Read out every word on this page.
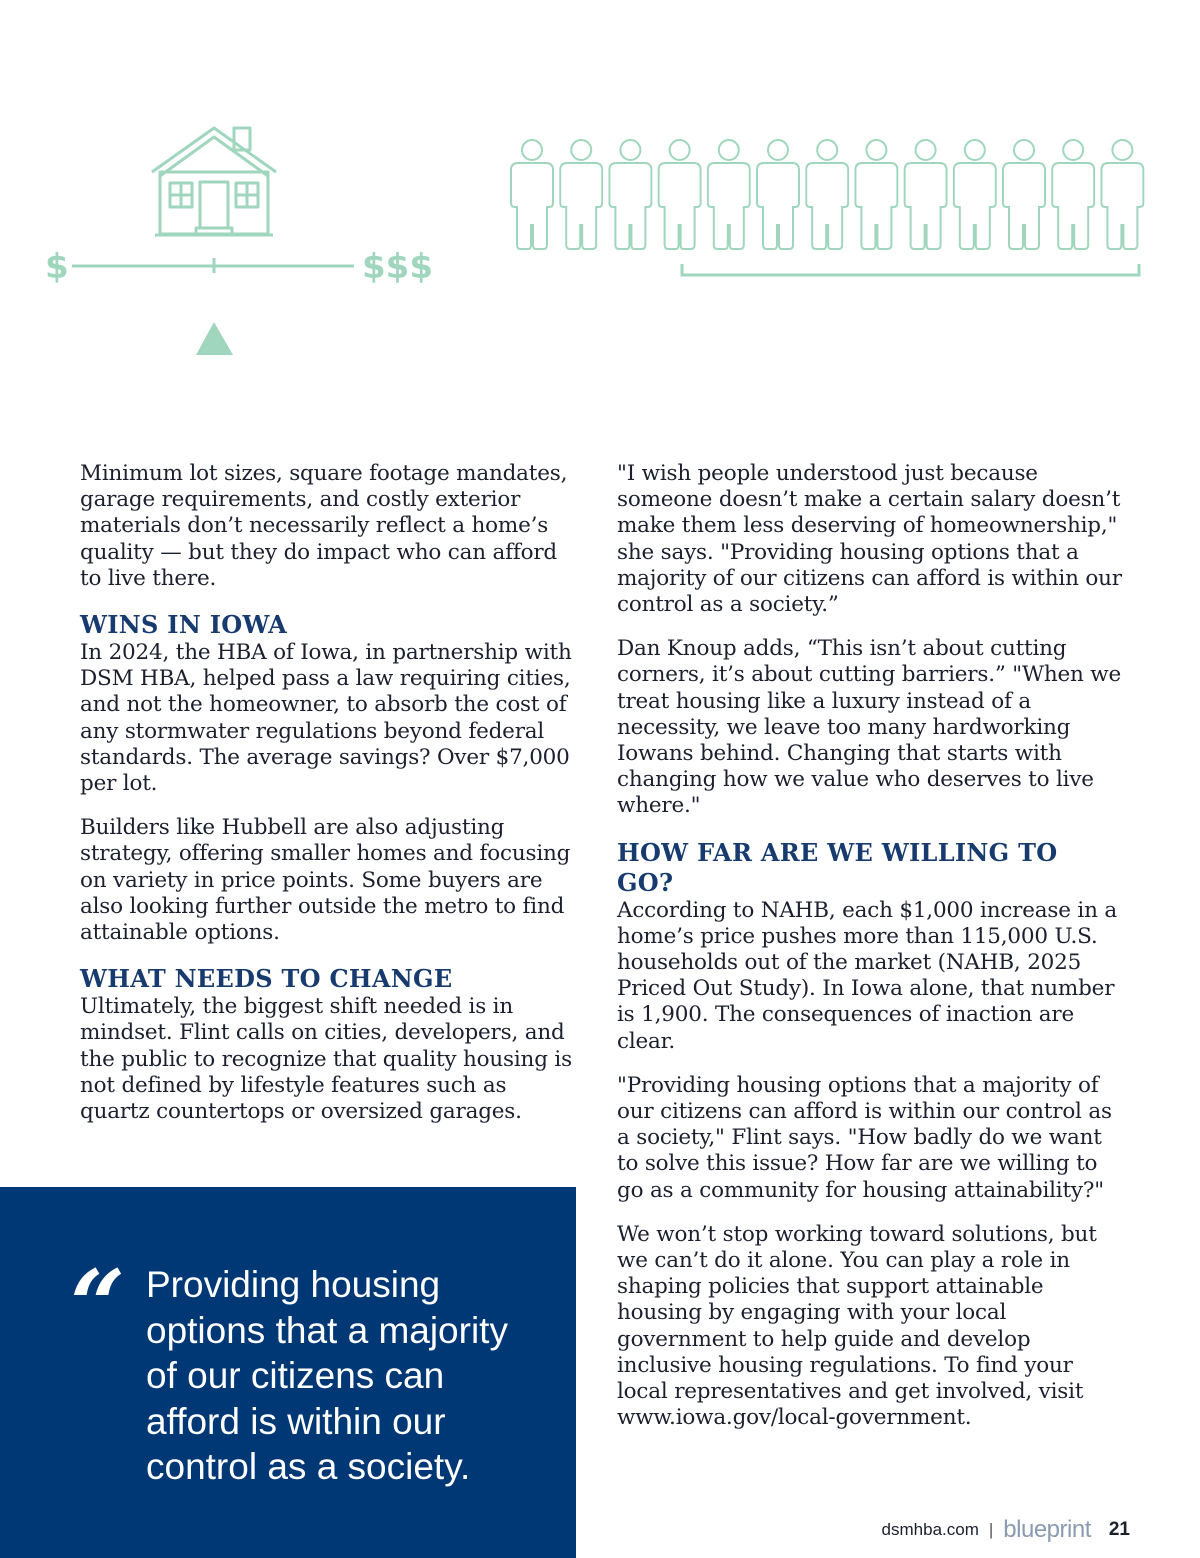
$	$$$

Minimum lot sizes, square footage mandates, garage requirements, and costly exterior materials don’t necessarily reflect a home’s quality — but they do impact who can afford to live there.

WINS IN IOWA

In 2024, the HBA of Iowa, in partnership with DSM HBA, helped pass a law requiring cities, and not the homeowner, to absorb the cost of any stormwater regulations beyond federal standards. The average savings? Over $7,000 per lot.

Builders like Hubbell are also adjusting strategy, offering smaller homes and focusing on variety in price points. Some buyers are also looking further outside the metro to find attainable options.

WHAT NEEDS TO CHANGE

Ultimately, the biggest shift needed is in mindset. Flint calls on cities, developers, and the public to recognize that quality housing is not defined by lifestyle features such as quartz countertops or oversized garages.

"I wish people understood just because someone doesn’t make a certain salary doesn’t make them less deserving of homeownership," she says. "Providing housing options that a majority of our citizens can afford is within our control as a society.”

Dan Knoup adds, “This isn’t about cutting corners, it’s about cutting barriers.” "When we treat housing like a luxury instead of a necessity, we leave too many hardworking Iowans behind. Changing that starts with changing how we value who deserves to live where."

HOW FAR ARE WE WILLING TO GO?

According to NAHB, each $1,000 increase in a home’s price pushes more than 115,000 U.S. households out of the market (NAHB, 2025 Priced Out Study). In Iowa alone, that number is 1,900. The consequences of inaction are clear.

"Providing housing options that a majority of our citizens can afford is within our control as a society," Flint says. "How badly do we want to solve this issue? How far are we willing to go as a community for housing attainability?"

We won’t stop working toward solutions, but we can’t do it alone. You can play a role in shaping policies that support attainable housing by engaging with your local government to help guide and develop inclusive housing regulations. To find your local representatives and get involved, visit www.iowa.gov/local-government.

“ Providing housing options that a majority of our citizens can afford is within our control as a society.
dsmhba.com | blueprint 21
